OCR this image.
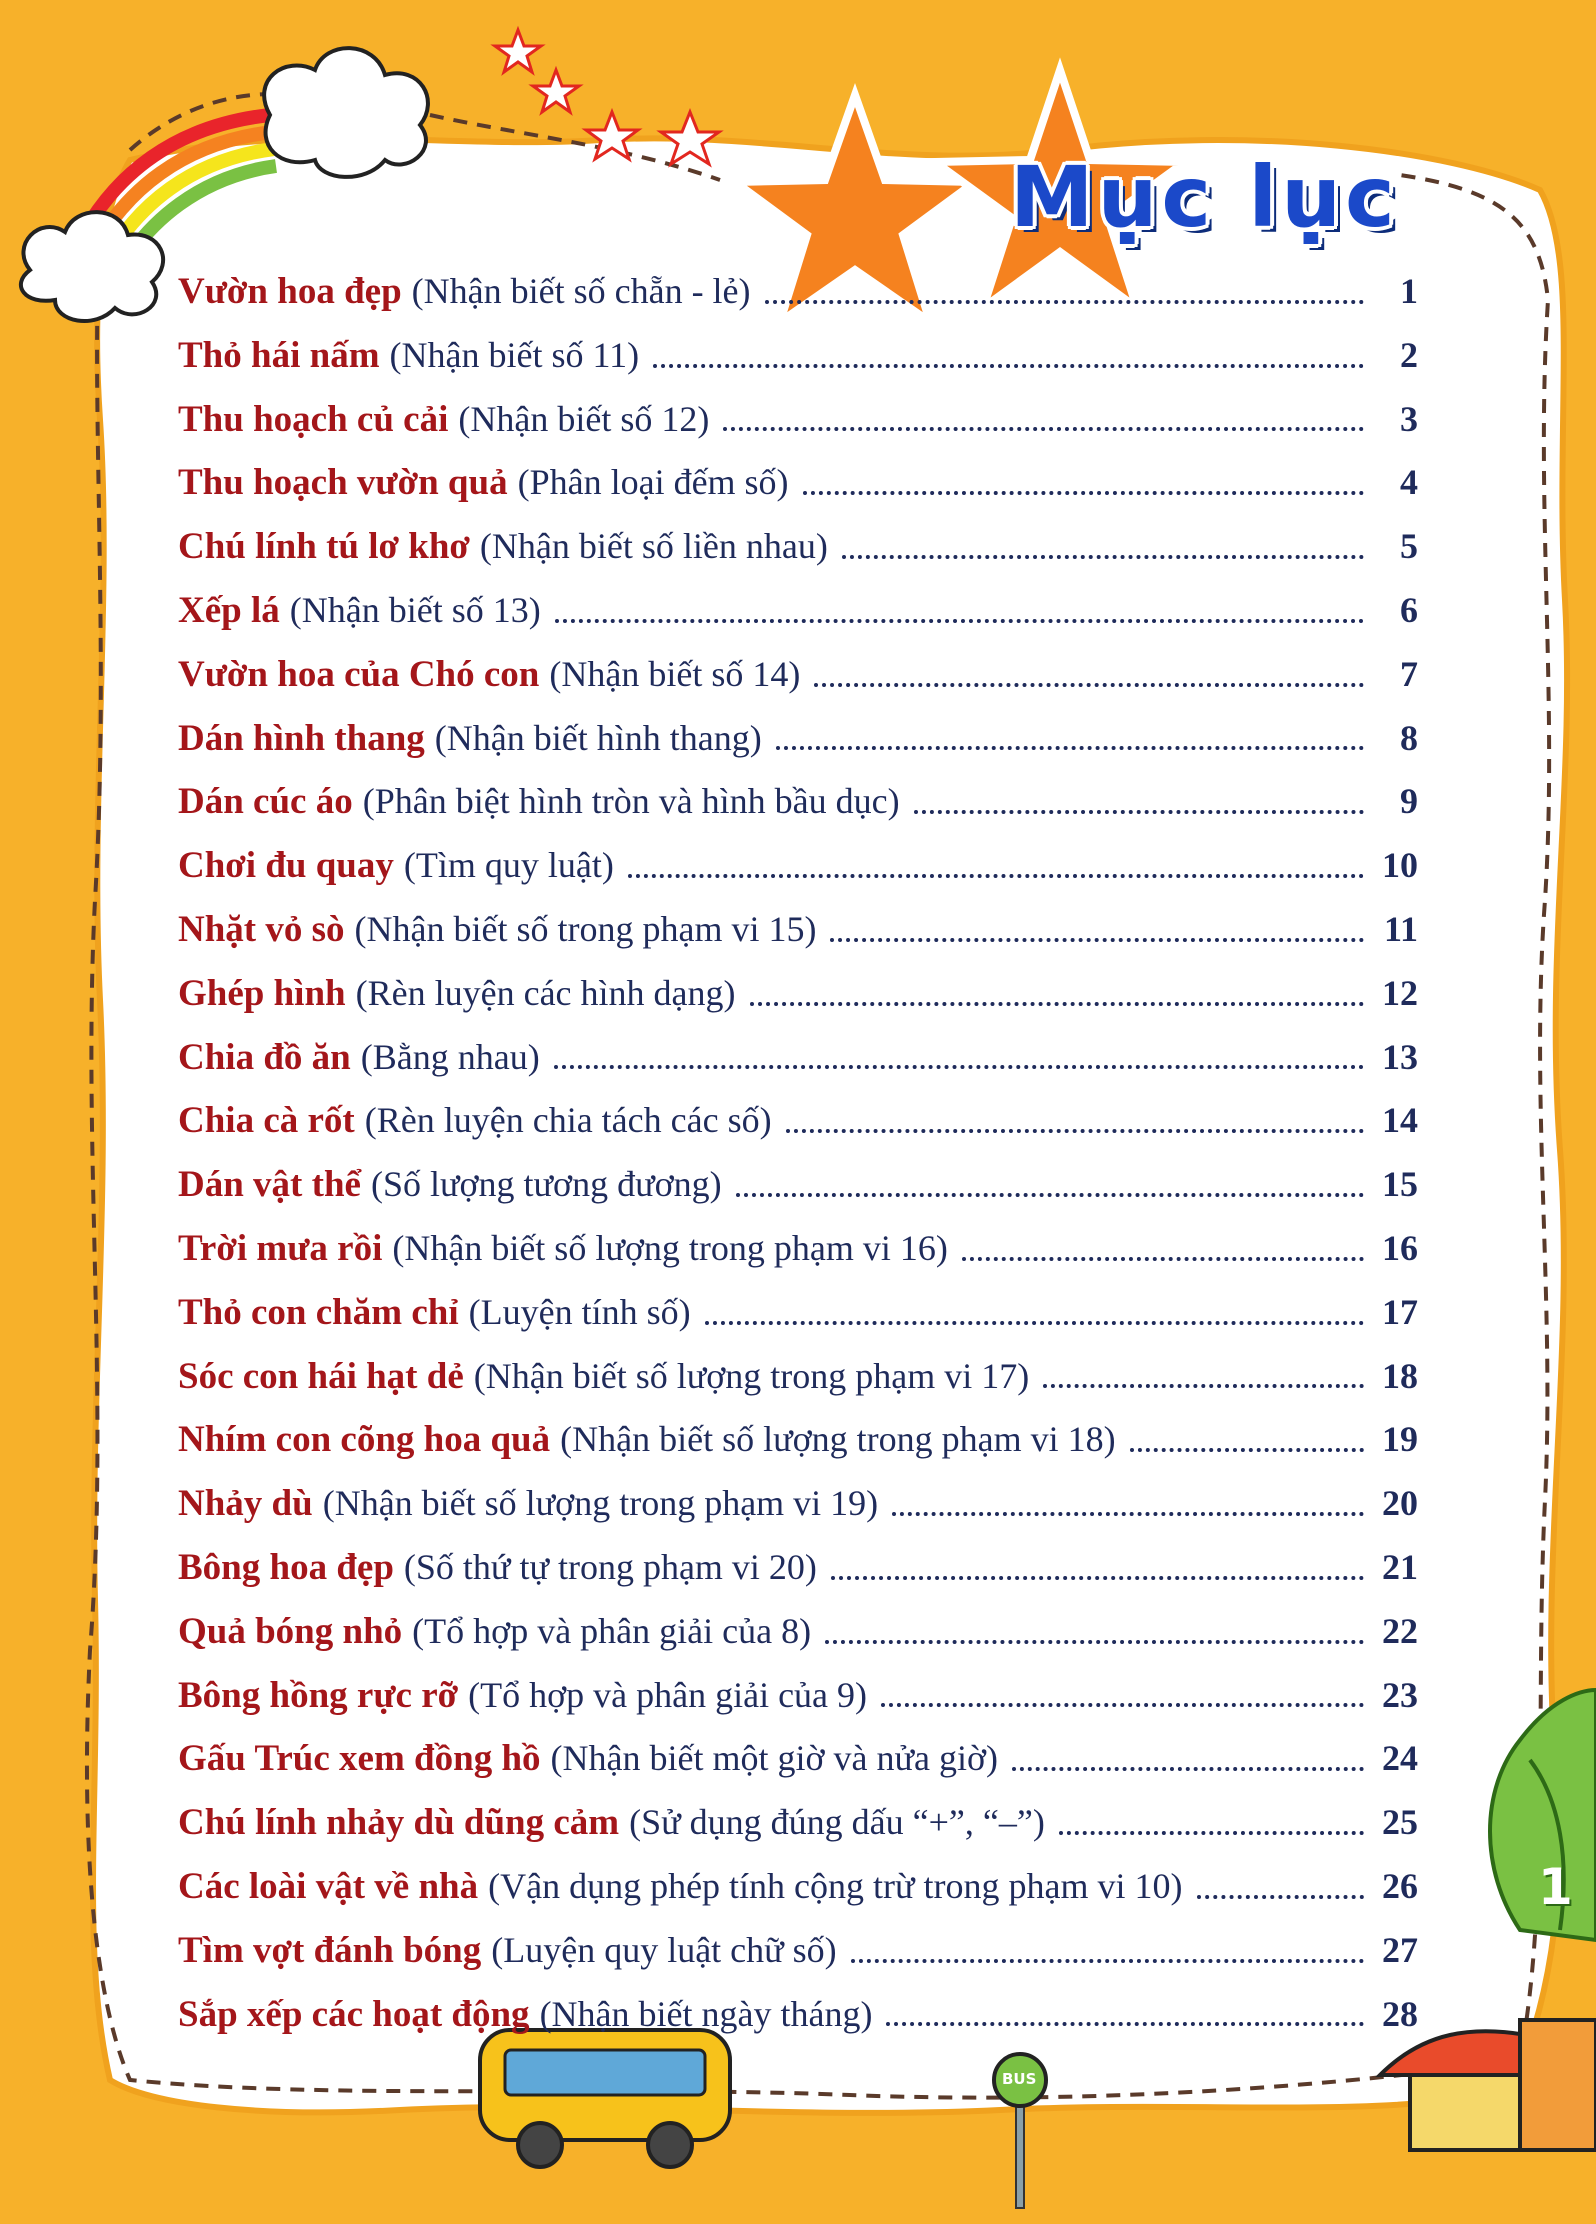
Mục lục
1
BUS
Vườn hoa đẹp (Nhận biết số chẵn - lẻ)	1
Thỏ hái nấm (Nhận biết số 11)	2
Thu hoạch củ cải (Nhận biết số 12)	3
Thu hoạch vườn quả (Phân loại đếm số)	4
Chú lính tú lơ khơ (Nhận biết số liền nhau)	5
Xếp lá (Nhận biết số 13)	6
Vườn hoa của Chó con (Nhận biết số 14)	7
Dán hình thang (Nhận biết hình thang)	8
Dán cúc áo (Phân biệt hình tròn và hình bầu dục)	9
Chơi đu quay (Tìm quy luật)	10
Nhặt vỏ sò (Nhận biết số trong phạm vi 15)	11
Ghép hình (Rèn luyện các hình dạng)	12
Chia đồ ăn (Bằng nhau)	13
Chia cà rốt (Rèn luyện chia tách các số)	14
Dán vật thể (Số lượng tương đương)	15
Trời mưa rồi (Nhận biết số lượng trong phạm vi 16)	16
Thỏ con chăm chỉ (Luyện tính số)	17
Sóc con hái hạt dẻ (Nhận biết số lượng trong phạm vi 17)	18
Nhím con cõng hoa quả (Nhận biết số lượng trong phạm vi 18)	19
Nhảy dù (Nhận biết số lượng trong phạm vi 19)	20
Bông hoa đẹp (Số thứ tự trong phạm vi 20)	21
Quả bóng nhỏ (Tổ hợp và phân giải của 8)	22
Bông hồng rực rỡ (Tổ hợp và phân giải của 9)	23
Gấu Trúc xem đồng hồ (Nhận biết một giờ và nửa giờ)	24
Chú lính nhảy dù dũng cảm (Sử dụng đúng dấu “+”, “–”)	25
Các loài vật về nhà (Vận dụng phép tính cộng trừ trong phạm vi 10)	26
Tìm vợt đánh bóng (Luyện quy luật chữ số)	27
Sắp xếp các hoạt động (Nhận biết ngày tháng)	28
